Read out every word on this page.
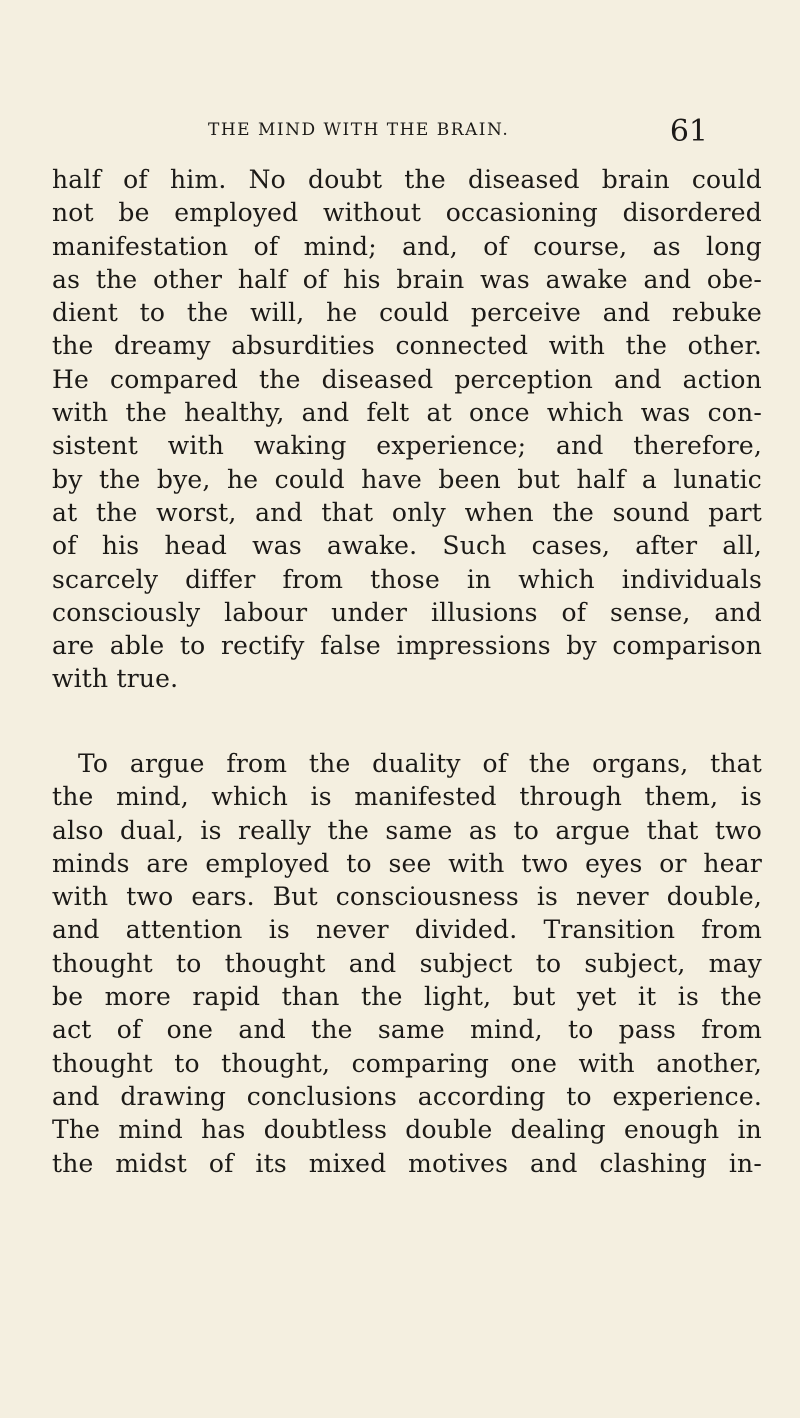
THE MIND WITH THE BRAIN.	61
half of him. No doubt the diseased brain could
not be employed without occasioning disordered
manifestation of mind; and, of course, as long
as the other half of his brain was awake and obe-
dient to the will, he could perceive and rebuke
the dreamy absurdities connected with the other.
He compared the diseased perception and action
with the healthy, and felt at once which was con-
sistent with waking experience; and therefore,
by the bye, he could have been but half a lunatic
at the worst, and that only when the sound part
of his head was awake. Such cases, after all,
scarcely differ from those in which individuals
consciously labour under illusions of sense, and
are able to rectify false impressions by comparison
with true.
To argue from the duality of the organs, that
the mind, which is manifested through them, is
also dual, is really the same as to argue that two
minds are employed to see with two eyes or hear
with two ears. But consciousness is never double,
and attention is never divided. Transition from
thought to thought and subject to subject, may
be more rapid than the light, but yet it is the
act of one and the same mind, to pass from
thought to thought, comparing one with another,
and drawing conclusions according to experience.
The mind has doubtless double dealing enough in
the midst of its mixed motives and clashing in-
